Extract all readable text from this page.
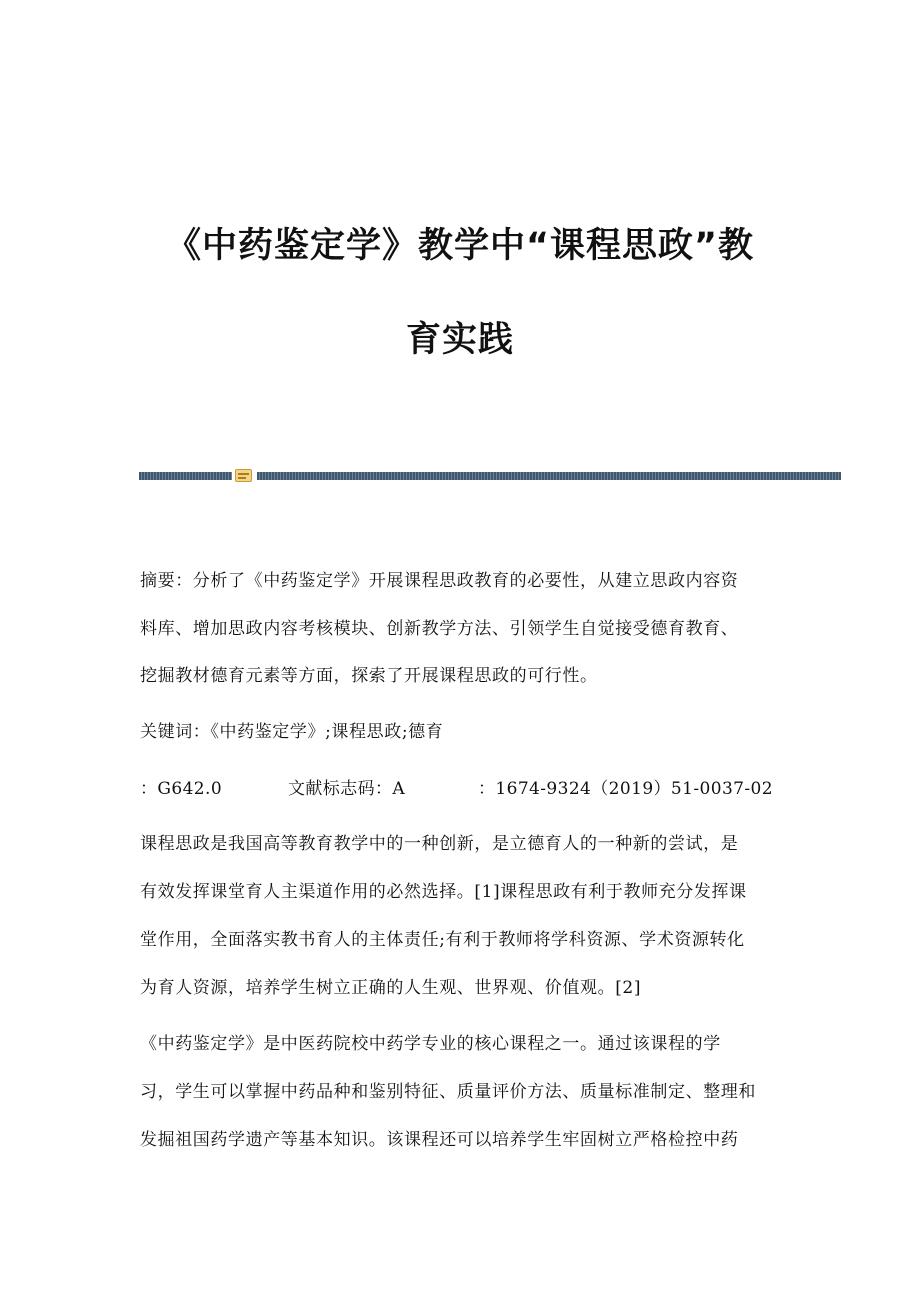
《中药鉴定学》教学中“课程思政”教
育实践
摘要：分析了《中药鉴定学》开展课程思政教育的必要性，从建立思政内容资
料库、增加思政内容考核模块、创新教学方法、引领学生自觉接受德育教育、
挖掘教材德育元素等方面，探索了开展课程思政的可行性。
关键词：《中药鉴定学》;课程思政;德育
：G642.0	文献标志码：A	：1674-9324（2019）51-0037-02
课程思政是我国高等教育教学中的一种创新，是立德育人的一种新的尝试，是
有效发挥课堂育人主渠道作用的必然选择。[1]课程思政有利于教师充分发挥课
堂作用，全面落实教书育人的主体责任;有利于教师将学科资源、学术资源转化
为育人资源，培养学生树立正确的人生观、世界观、价值观。[2]
《中药鉴定学》是中医药院校中药学专业的核心课程之一。通过该课程的学
习，学生可以掌握中药品种和鉴别特征、质量评价方法、质量标准制定、整理和
发掘祖国药学遗产等基本知识。该课程还可以培养学生牢固树立严格检控中药
